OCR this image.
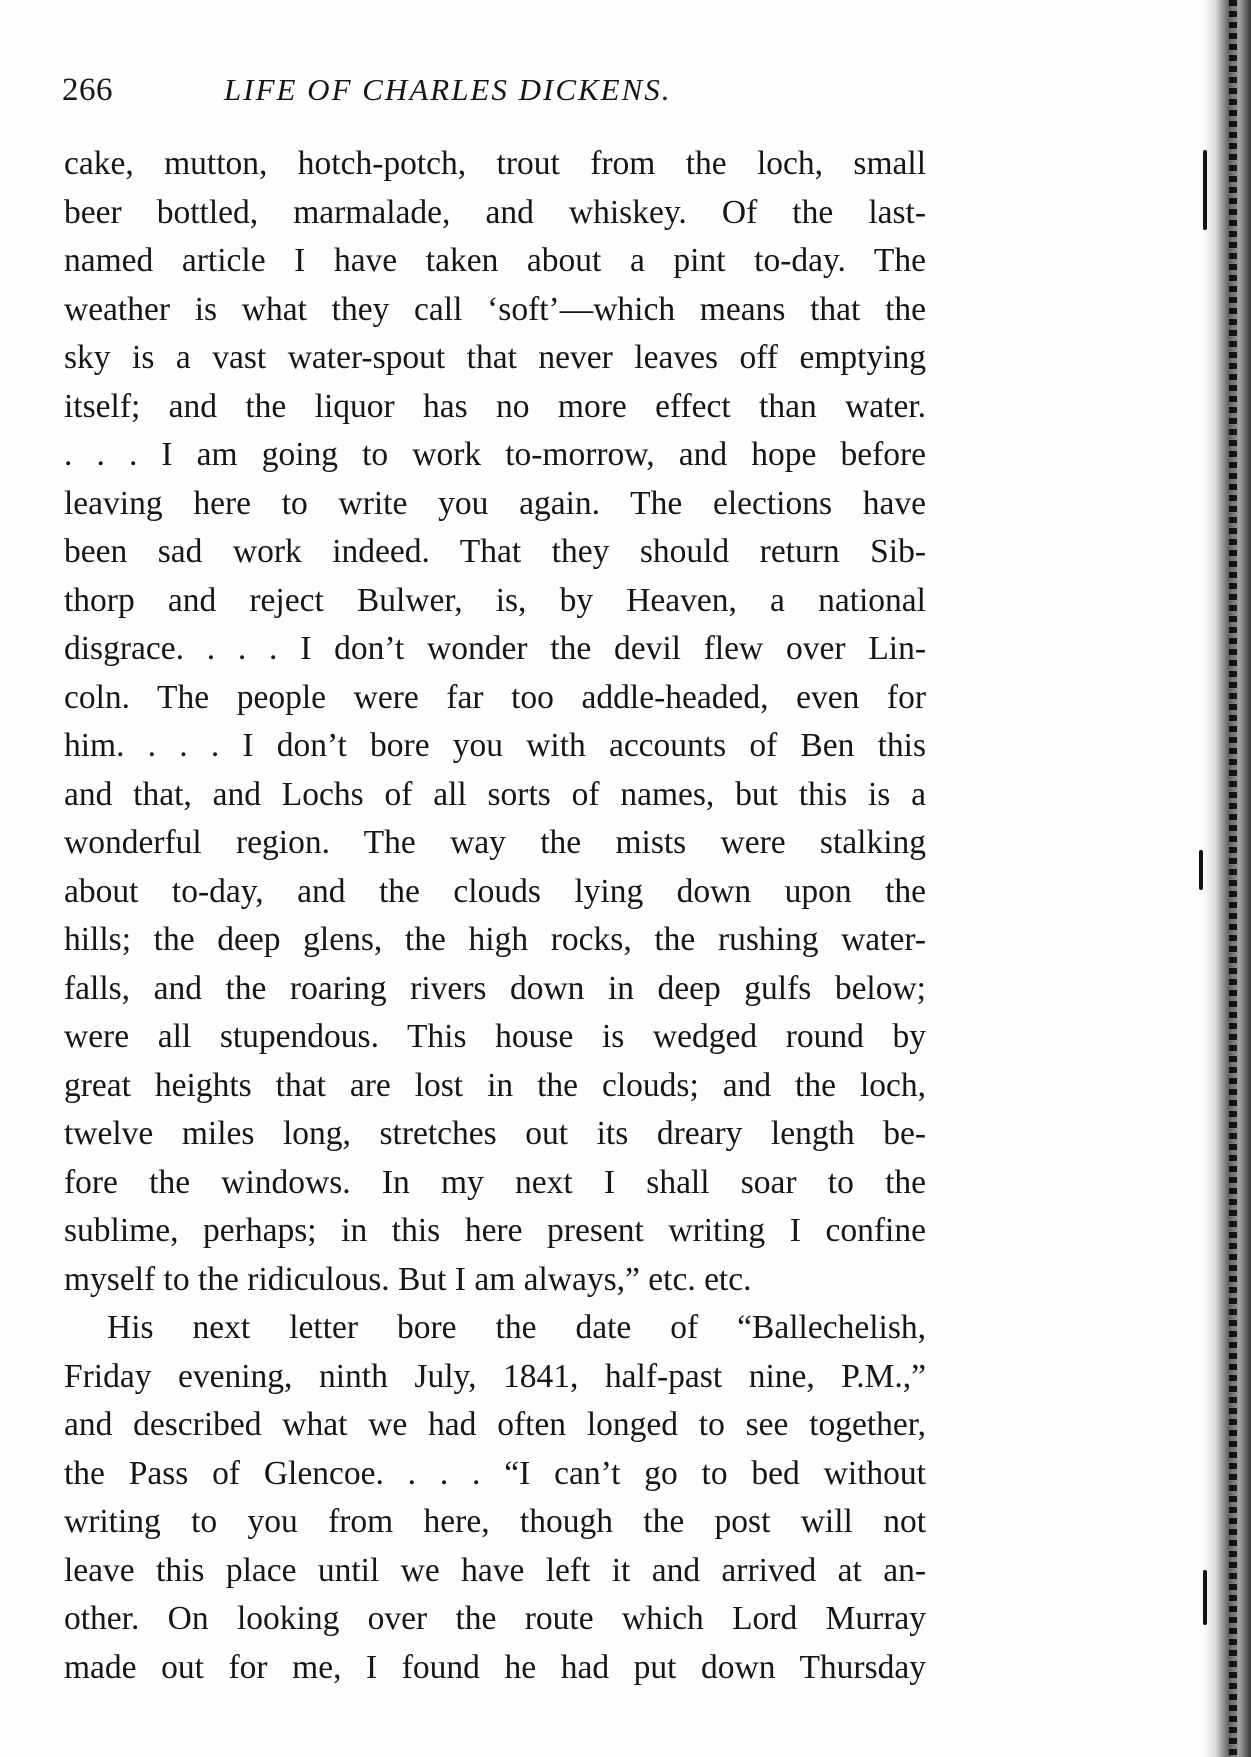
266	LIFE OF CHARLES DICKENS.
cake, mutton, hotch-potch, trout from the loch, small
beer bottled, marmalade, and whiskey. Of the last-
named article I have taken about a pint to-day. The
weather is what they call ‘soft’—which means that the
sky is a vast water-spout that never leaves off emptying
itself; and the liquor has no more effect than water.
. . . I am going to work to-morrow, and hope before
leaving here to write you again. The elections have
been sad work indeed. That they should return Sib-
thorp and reject Bulwer, is, by Heaven, a national
disgrace. . . . I don’t wonder the devil flew over Lin-
coln. The people were far too addle-headed, even for
him. . . . I don’t bore you with accounts of Ben this
and that, and Lochs of all sorts of names, but this is a
wonderful region. The way the mists were stalking
about to-day, and the clouds lying down upon the
hills; the deep glens, the high rocks, the rushing water-
falls, and the roaring rivers down in deep gulfs below;
were all stupendous. This house is wedged round by
great heights that are lost in the clouds; and the loch,
twelve miles long, stretches out its dreary length be-
fore the windows. In my next I shall soar to the
sublime, perhaps; in this here present writing I confine
myself to the ridiculous. But I am always,” etc. etc.
His next letter bore the date of “Ballechelish,
Friday evening, ninth July, 1841, half-past nine, P.M.,”
and described what we had often longed to see together,
the Pass of Glencoe. . . . “I can’t go to bed without
writing to you from here, though the post will not
leave this place until we have left it and arrived at an-
other. On looking over the route which Lord Murray
made out for me, I found he had put down Thursday
